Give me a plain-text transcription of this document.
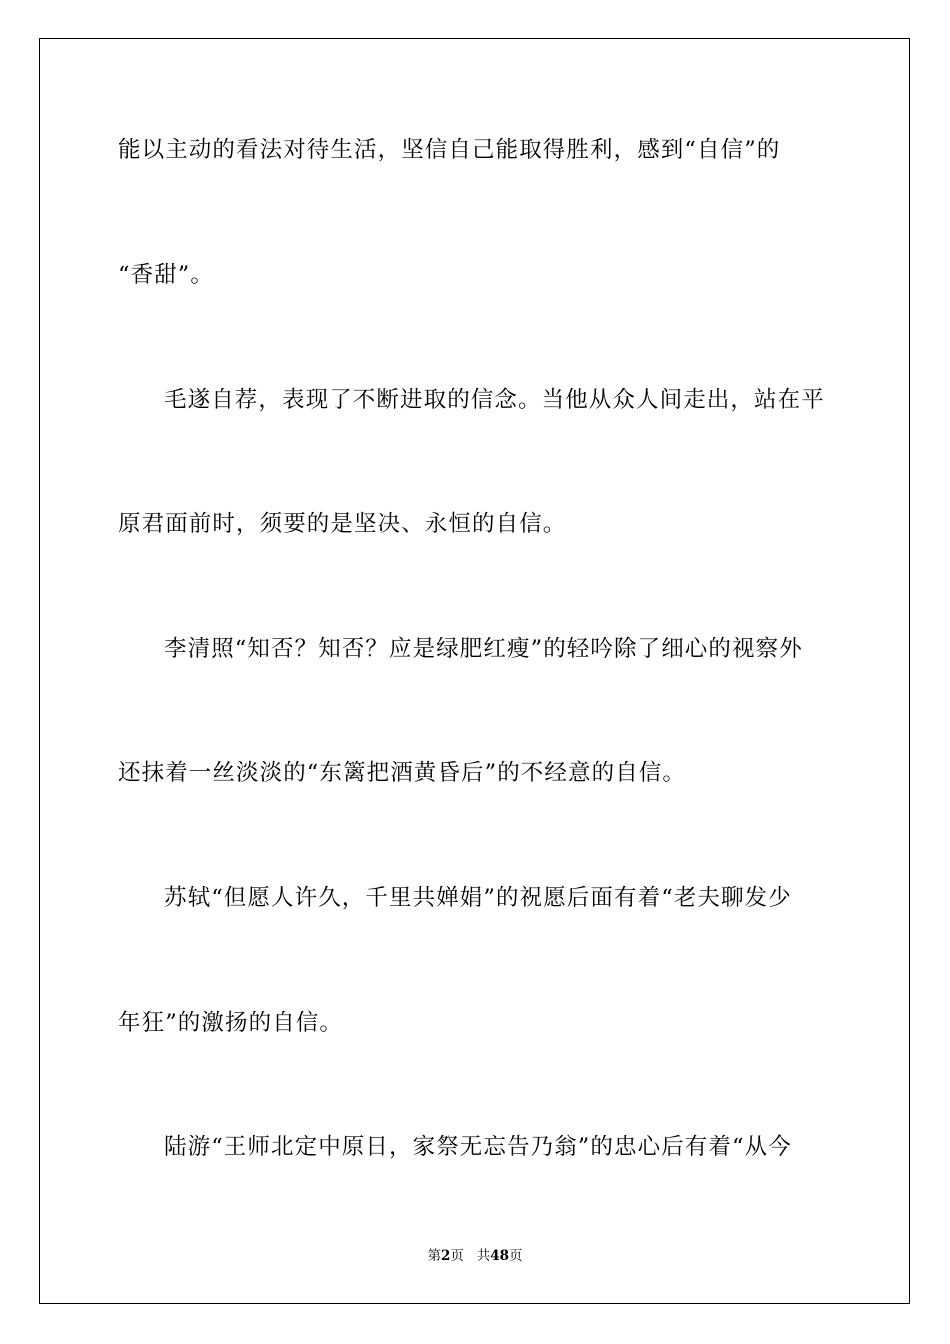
能以主动的看法对待生活，坚信自己能取得胜利，感到“自信”的
“香甜”。
毛遂自荐，表现了不断进取的信念。当他从众人间走出，站在平
原君面前时，须要的是坚决、永恒的自信。
李清照“知否？知否？应是绿肥红瘦”的轻吟除了细心的视察外
还抹着一丝淡淡的“东篱把酒黄昏后”的不经意的自信。
苏轼“但愿人许久，千里共婵娟”的祝愿后面有着“老夫聊发少
年狂”的激扬的自信。
陆游“王师北定中原日，家祭无忘告乃翁”的忠心后有着“从今
第2页 共48页
